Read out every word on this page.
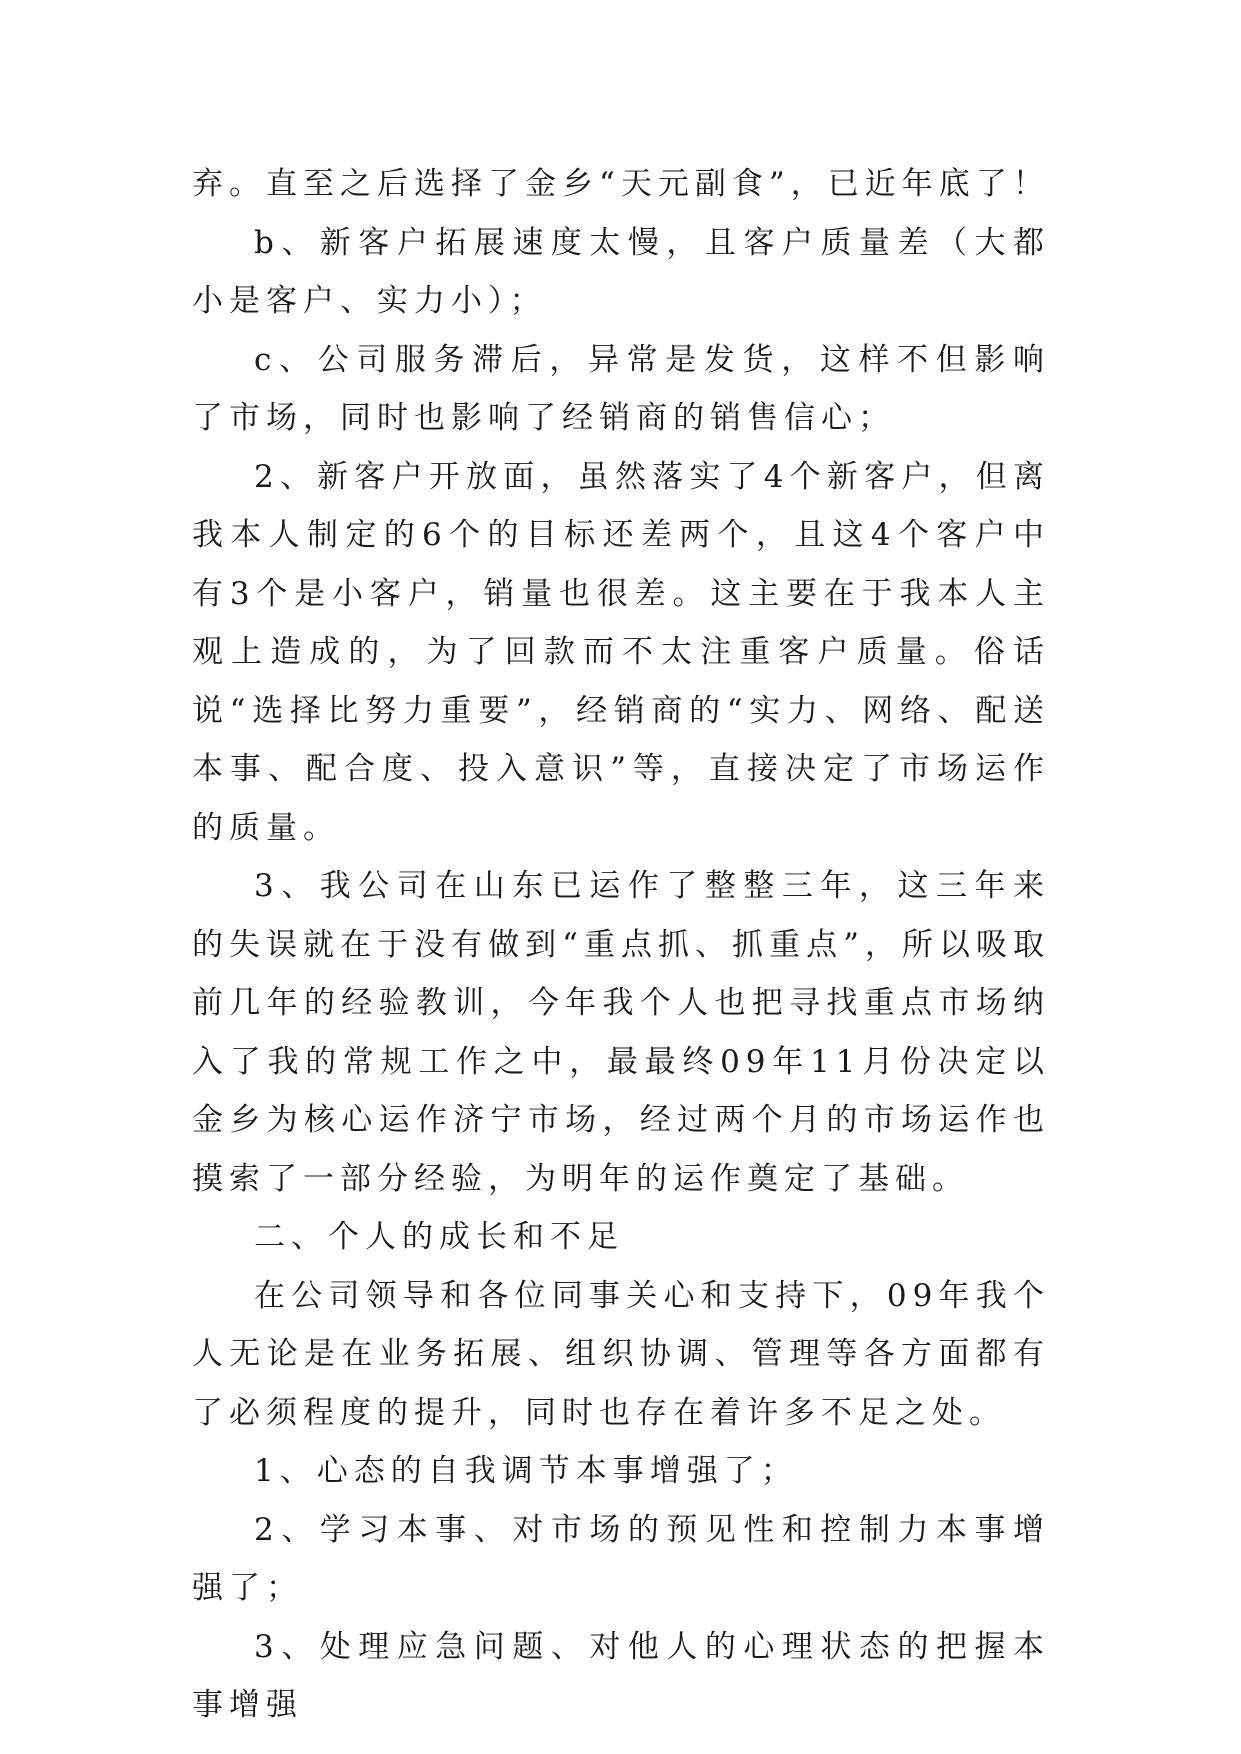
弃。直至之后选择了金乡“天元副食”，已近年底了！

b、新客户拓展速度太慢，且客户质量差（大都小是客户、实力小）；

c、公司服务滞后，异常是发货，这样不但影响了市场，同时也影响了经销商的销售信心；

2、新客户开放面，虽然落实了4个新客户，但离我本人制定的6个的目标还差两个，且这4个客户中有3个是小客户，销量也很差。这主要在于我本人主观上造成的，为了回款而不太注重客户质量。俗话说“选择比努力重要”，经销商的“实力、网络、配送本事、配合度、投入意识”等，直接决定了市场运作的质量。

3、我公司在山东已运作了整整三年，这三年来的失误就在于没有做到“重点抓、抓重点”，所以吸取前几年的经验教训，今年我个人也把寻找重点市场纳入了我的常规工作之中，最最终09年11月份决定以金乡为核心运作济宁市场，经过两个月的市场运作也摸索了一部分经验，为明年的运作奠定了基础。

二、个人的成长和不足

在公司领导和各位同事关心和支持下，09年我个人无论是在业务拓展、组织协调、管理等各方面都有了必须程度的提升，同时也存在着许多不足之处。

1、心态的自我调节本事增强了；

2、学习本事、对市场的预见性和控制力本事增强了；

3、处理应急问题、对他人的心理状态的把握本事增强
